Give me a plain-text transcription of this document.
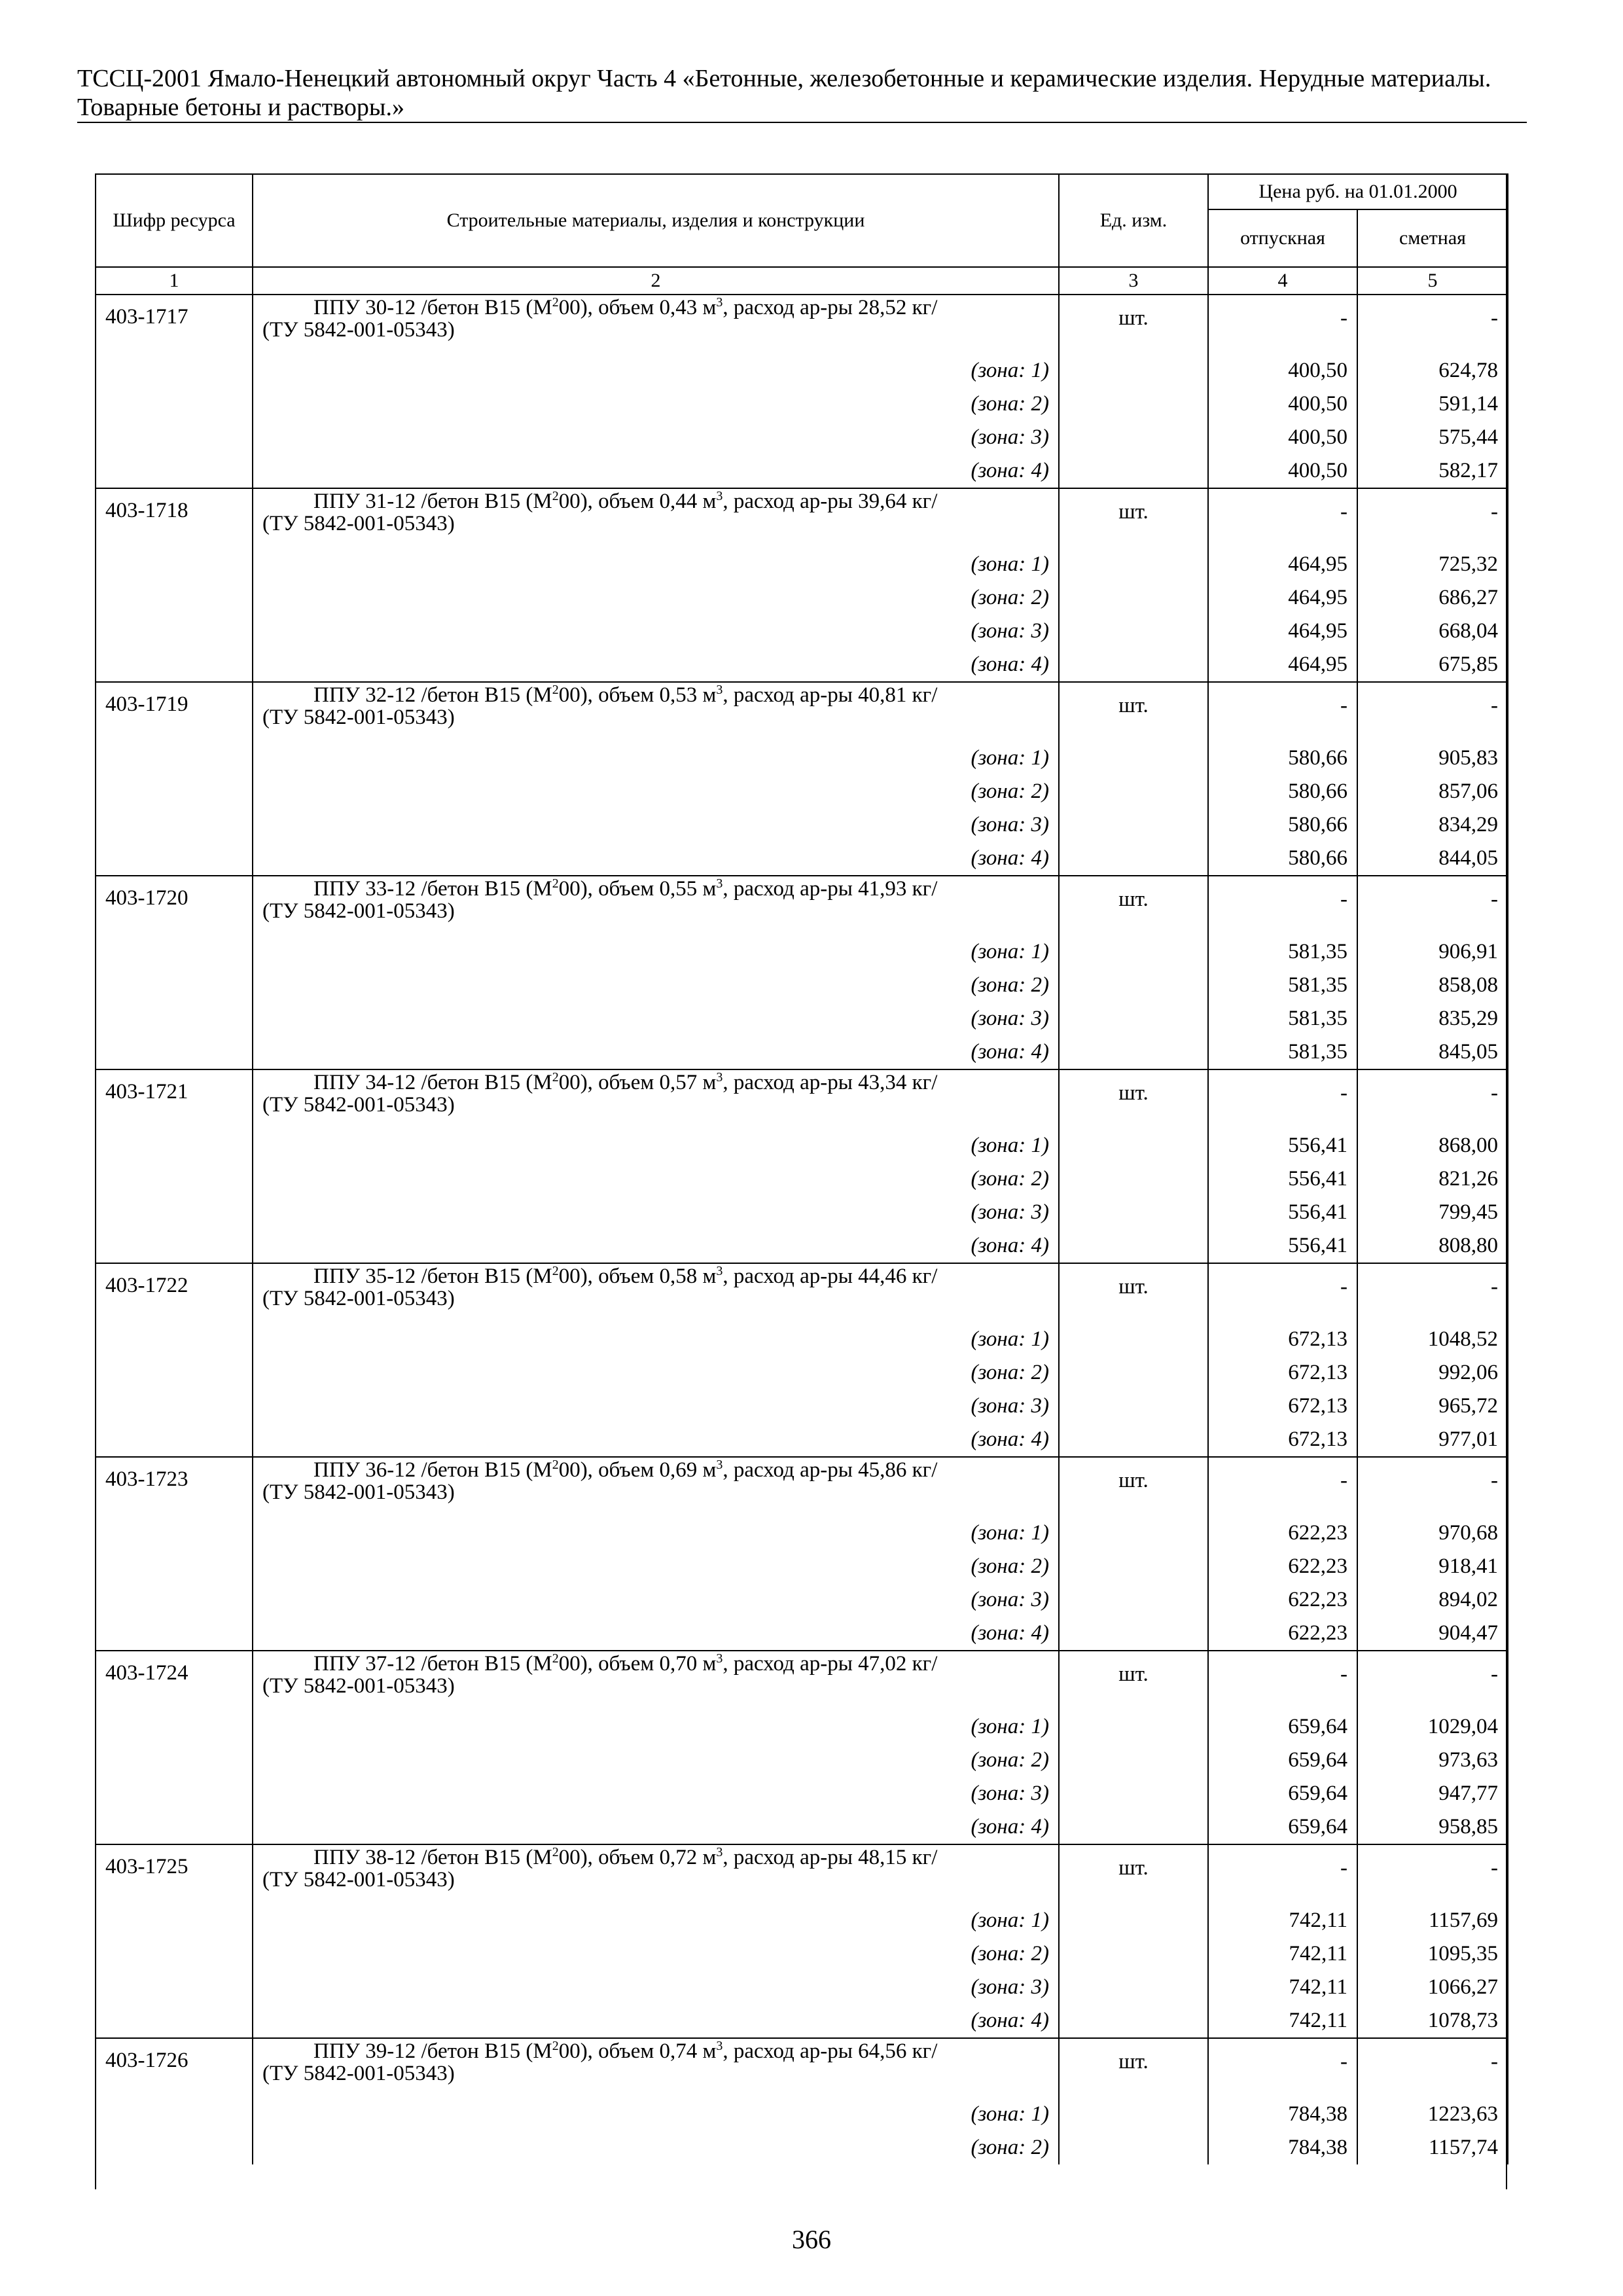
ТССЦ-2001 Ямало-Ненецкий автономный округ Часть 4 «Бетонные, железобетонные и керамические изделия. Нерудные материалы.
Товарные бетоны и растворы.»
Шифр ресурса	Строительные материалы, изделия и конструкции	Ед. изм.	Цена руб. на 01.01.2000	
			отпускная	сметная
1	2	3	4	5
403-1717	ППУ 30-12 /бетон В15 $(М^200)$, объем 0,43 $м^3$, расход ар-ры 28,52 кг/
(ТУ 5842-001-05343)	шт.	-	-
	(зона: 1)		400,50	624,78
	(зона: 2)		400,50	591,14
	(зона: 3)		400,50	575,44
	(зона: 4)		400,50	582,17
403-1718	ППУ 31-12 /бетон В15 $(М^200)$, объем 0,44 $м^3$, расход ар-ры 39,64 кг/
(ТУ 5842-001-05343)	шт.	-	-
	(зона: 1)		464,95	725,32
	(зона: 2)		464,95	686,27
	(зона: 3)		464,95	668,04
	(зона: 4)		464,95	675,85
403-1719	ППУ 32-12 /бетон В15 $(М^200)$, объем 0,53 $м^3$, расход ар-ры 40,81 кг/
(ТУ 5842-001-05343)	шт.	-	-
	(зона: 1)		580,66	905,83
	(зона: 2)		580,66	857,06
	(зона: 3)		580,66	834,29
	(зона: 4)		580,66	844,05
403-1720	ППУ 33-12 /бетон В15 $(М^200)$, объем 0,55 $м^3$, расход ар-ры 41,93 кг/
(ТУ 5842-001-05343)	шт.	-	-
	(зона: 1)		581,35	906,91
	(зона: 2)		581,35	858,08
	(зона: 3)		581,35	835,29
	(зона: 4)		581,35	845,05
403-1721	ППУ 34-12 /бетон В15 $(М^200)$, объем 0,57 $м^3$, расход ар-ры 43,34 кг/
(ТУ 5842-001-05343)	шт.	-	-
	(зона: 1)		556,41	868,00
	(зона: 2)		556,41	821,26
	(зона: 3)		556,41	799,45
	(зона: 4)		556,41	808,80
403-1722	ППУ 35-12 /бетон В15 $(М^200)$, объем 0,58 $м^3$, расход ар-ры 44,46 кг/
(ТУ 5842-001-05343)	шт.	-	-
	(зона: 1)		672,13	1048,52
	(зона: 2)		672,13	992,06
	(зона: 3)		672,13	965,72
	(зона: 4)		672,13	977,01
403-1723	ППУ 36-12 /бетон В15 $(М^200)$, объем 0,69 $м^3$, расход ар-ры 45,86 кг/
(ТУ 5842-001-05343)	шт.	-	-
	(зона: 1)		622,23	970,68
	(зона: 2)		622,23	918,41
	(зона: 3)		622,23	894,02
	(зона: 4)		622,23	904,47
403-1724	ППУ 37-12 /бетон В15 $(М^200)$, объем 0,70 $м^3$, расход ар-ры 47,02 кг/
(ТУ 5842-001-05343)	шт.	-	-
	(зона: 1)		659,64	1029,04
	(зона: 2)		659,64	973,63
	(зона: 3)		659,64	947,77
	(зона: 4)		659,64	958,85
403-1725	ППУ 38-12 /бетон В15 $(М^200)$, объем 0,72 $м^3$, расход ар-ры 48,15 кг/
(ТУ 5842-001-05343)	шт.	-	-
	(зона: 1)		742,11	1157,69
	(зона: 2)		742,11	1095,35
	(зона: 3)		742,11	1066,27
	(зона: 4)		742,11	1078,73
403-1726	ППУ 39-12 /бетон В15 $(М^200)$, объем 0,74 $м^3$, расход ар-ры 64,56 кг/
(ТУ 5842-001-05343)	шт.	-	-
	(зона: 1)		784,38	1223,63
	(зона: 2)		784,38	1157,74
366
